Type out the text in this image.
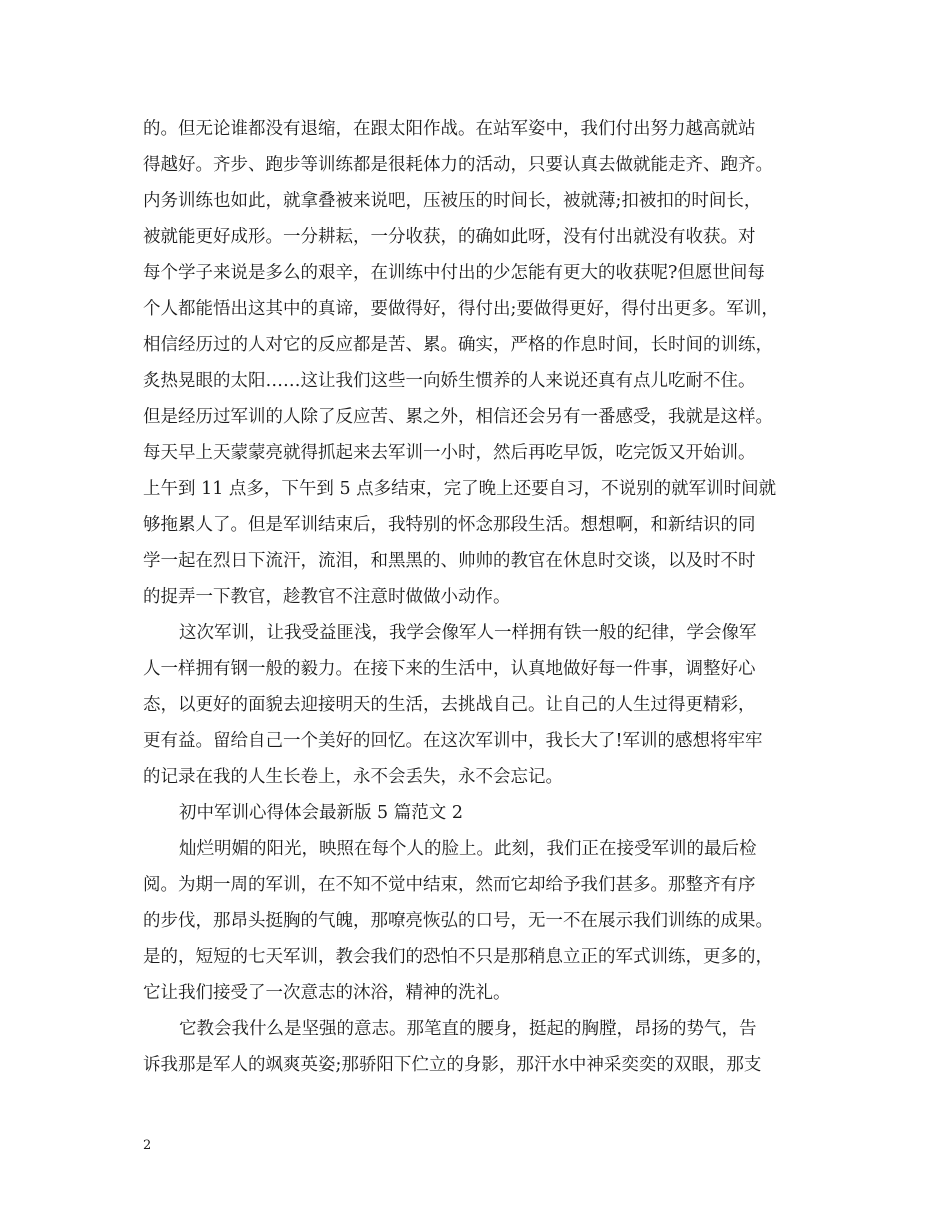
的。但无论谁都没有退缩，在跟太阳作战。在站军姿中，我们付出努力越高就站
得越好。齐步、跑步等训练都是很耗体力的活动，只要认真去做就能走齐、跑齐。
内务训练也如此，就拿叠被来说吧，压被压的时间长，被就薄;扣被扣的时间长，
被就能更好成形。一分耕耘，一分收获，的确如此呀，没有付出就没有收获。对
每个学子来说是多么的艰辛，在训练中付出的少怎能有更大的收获呢?但愿世间每
个人都能悟出这其中的真谛，要做得好，得付出;要做得更好，得付出更多。军训，
相信经历过的人对它的反应都是苦、累。确实，严格的作息时间，长时间的训练，
炙热晃眼的太阳……这让我们这些一向娇生惯养的人来说还真有点儿吃耐不住。
但是经历过军训的人除了反应苦、累之外，相信还会另有一番感受，我就是这样。
每天早上天蒙蒙亮就得抓起来去军训一小时，然后再吃早饭，吃完饭又开始训。
上午到 11 点多，下午到 5 点多结束，完了晚上还要自习，不说别的就军训时间就
够拖累人了。但是军训结束后，我特别的怀念那段生活。想想啊，和新结识的同
学一起在烈日下流汗，流泪，和黑黑的、帅帅的教官在休息时交谈，以及时不时
的捉弄一下教官，趁教官不注意时做做小动作。
这次军训，让我受益匪浅，我学会像军人一样拥有铁一般的纪律，学会像军
人一样拥有钢一般的毅力。在接下来的生活中，认真地做好每一件事，调整好心
态，以更好的面貌去迎接明天的生活，去挑战自己。让自己的人生过得更精彩，
更有益。留给自己一个美好的回忆。在这次军训中，我长大了!军训的感想将牢牢
的记录在我的人生长卷上，永不会丢失，永不会忘记。
初中军训心得体会最新版 5 篇范文 2
灿烂明媚的阳光，映照在每个人的脸上。此刻，我们正在接受军训的最后检
阅。为期一周的军训，在不知不觉中结束，然而它却给予我们甚多。那整齐有序
的步伐，那昂头挺胸的气魄，那嘹亮恢弘的口号，无一不在展示我们训练的成果。
是的，短短的七天军训，教会我们的恐怕不只是那稍息立正的军式训练，更多的，
它让我们接受了一次意志的沐浴，精神的洗礼。
它教会我什么是坚强的意志。那笔直的腰身，挺起的胸膛，昂扬的势气，告
诉我那是军人的飒爽英姿;那骄阳下伫立的身影，那汗水中神采奕奕的双眼，那支
2
